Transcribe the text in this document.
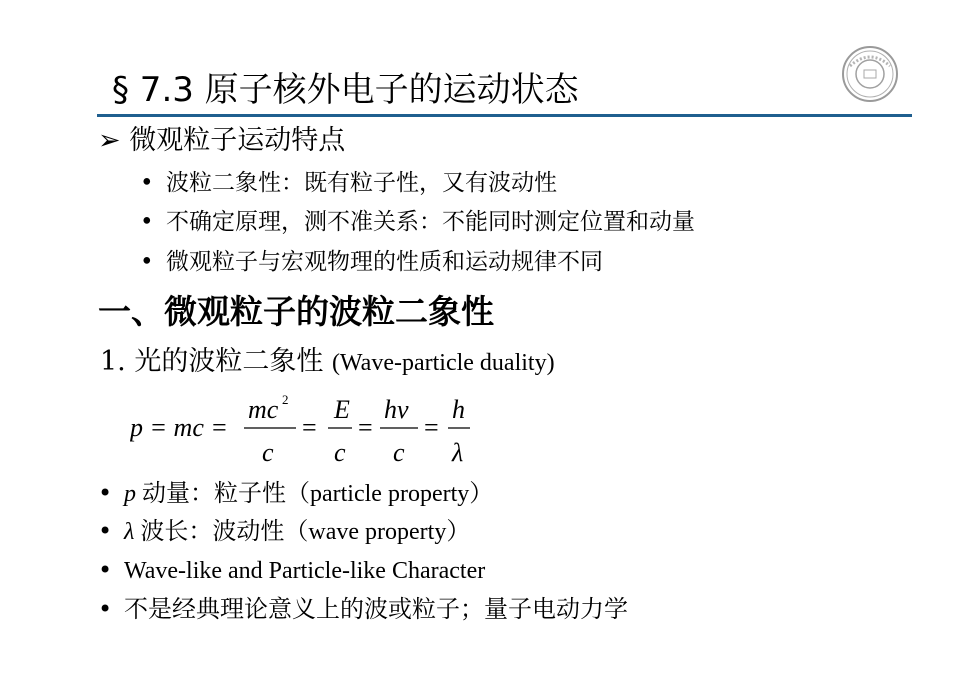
§ 7.3 原子核外电子的运动状态
➢ 微观粒子运动特点
• 波粒二象性：既有粒子性，又有波动性
• 不确定原理，测不准关系：不能同时测定位置和动量
• 微观粒子与宏观物理的性质和运动规律不同
一、微观粒子的波粒二象性
1. 光的波粒二象性 (Wave-particle duality)
p = mc =
mc 2
c
=
E
c
=
hν
c
=
h
λ
• p 动量：粒子性（particle property）
• λ 波长：波动性（wave property）
• Wave-like and Particle-like Character
• 不是经典理论意义上的波或粒子；量子电动力学
